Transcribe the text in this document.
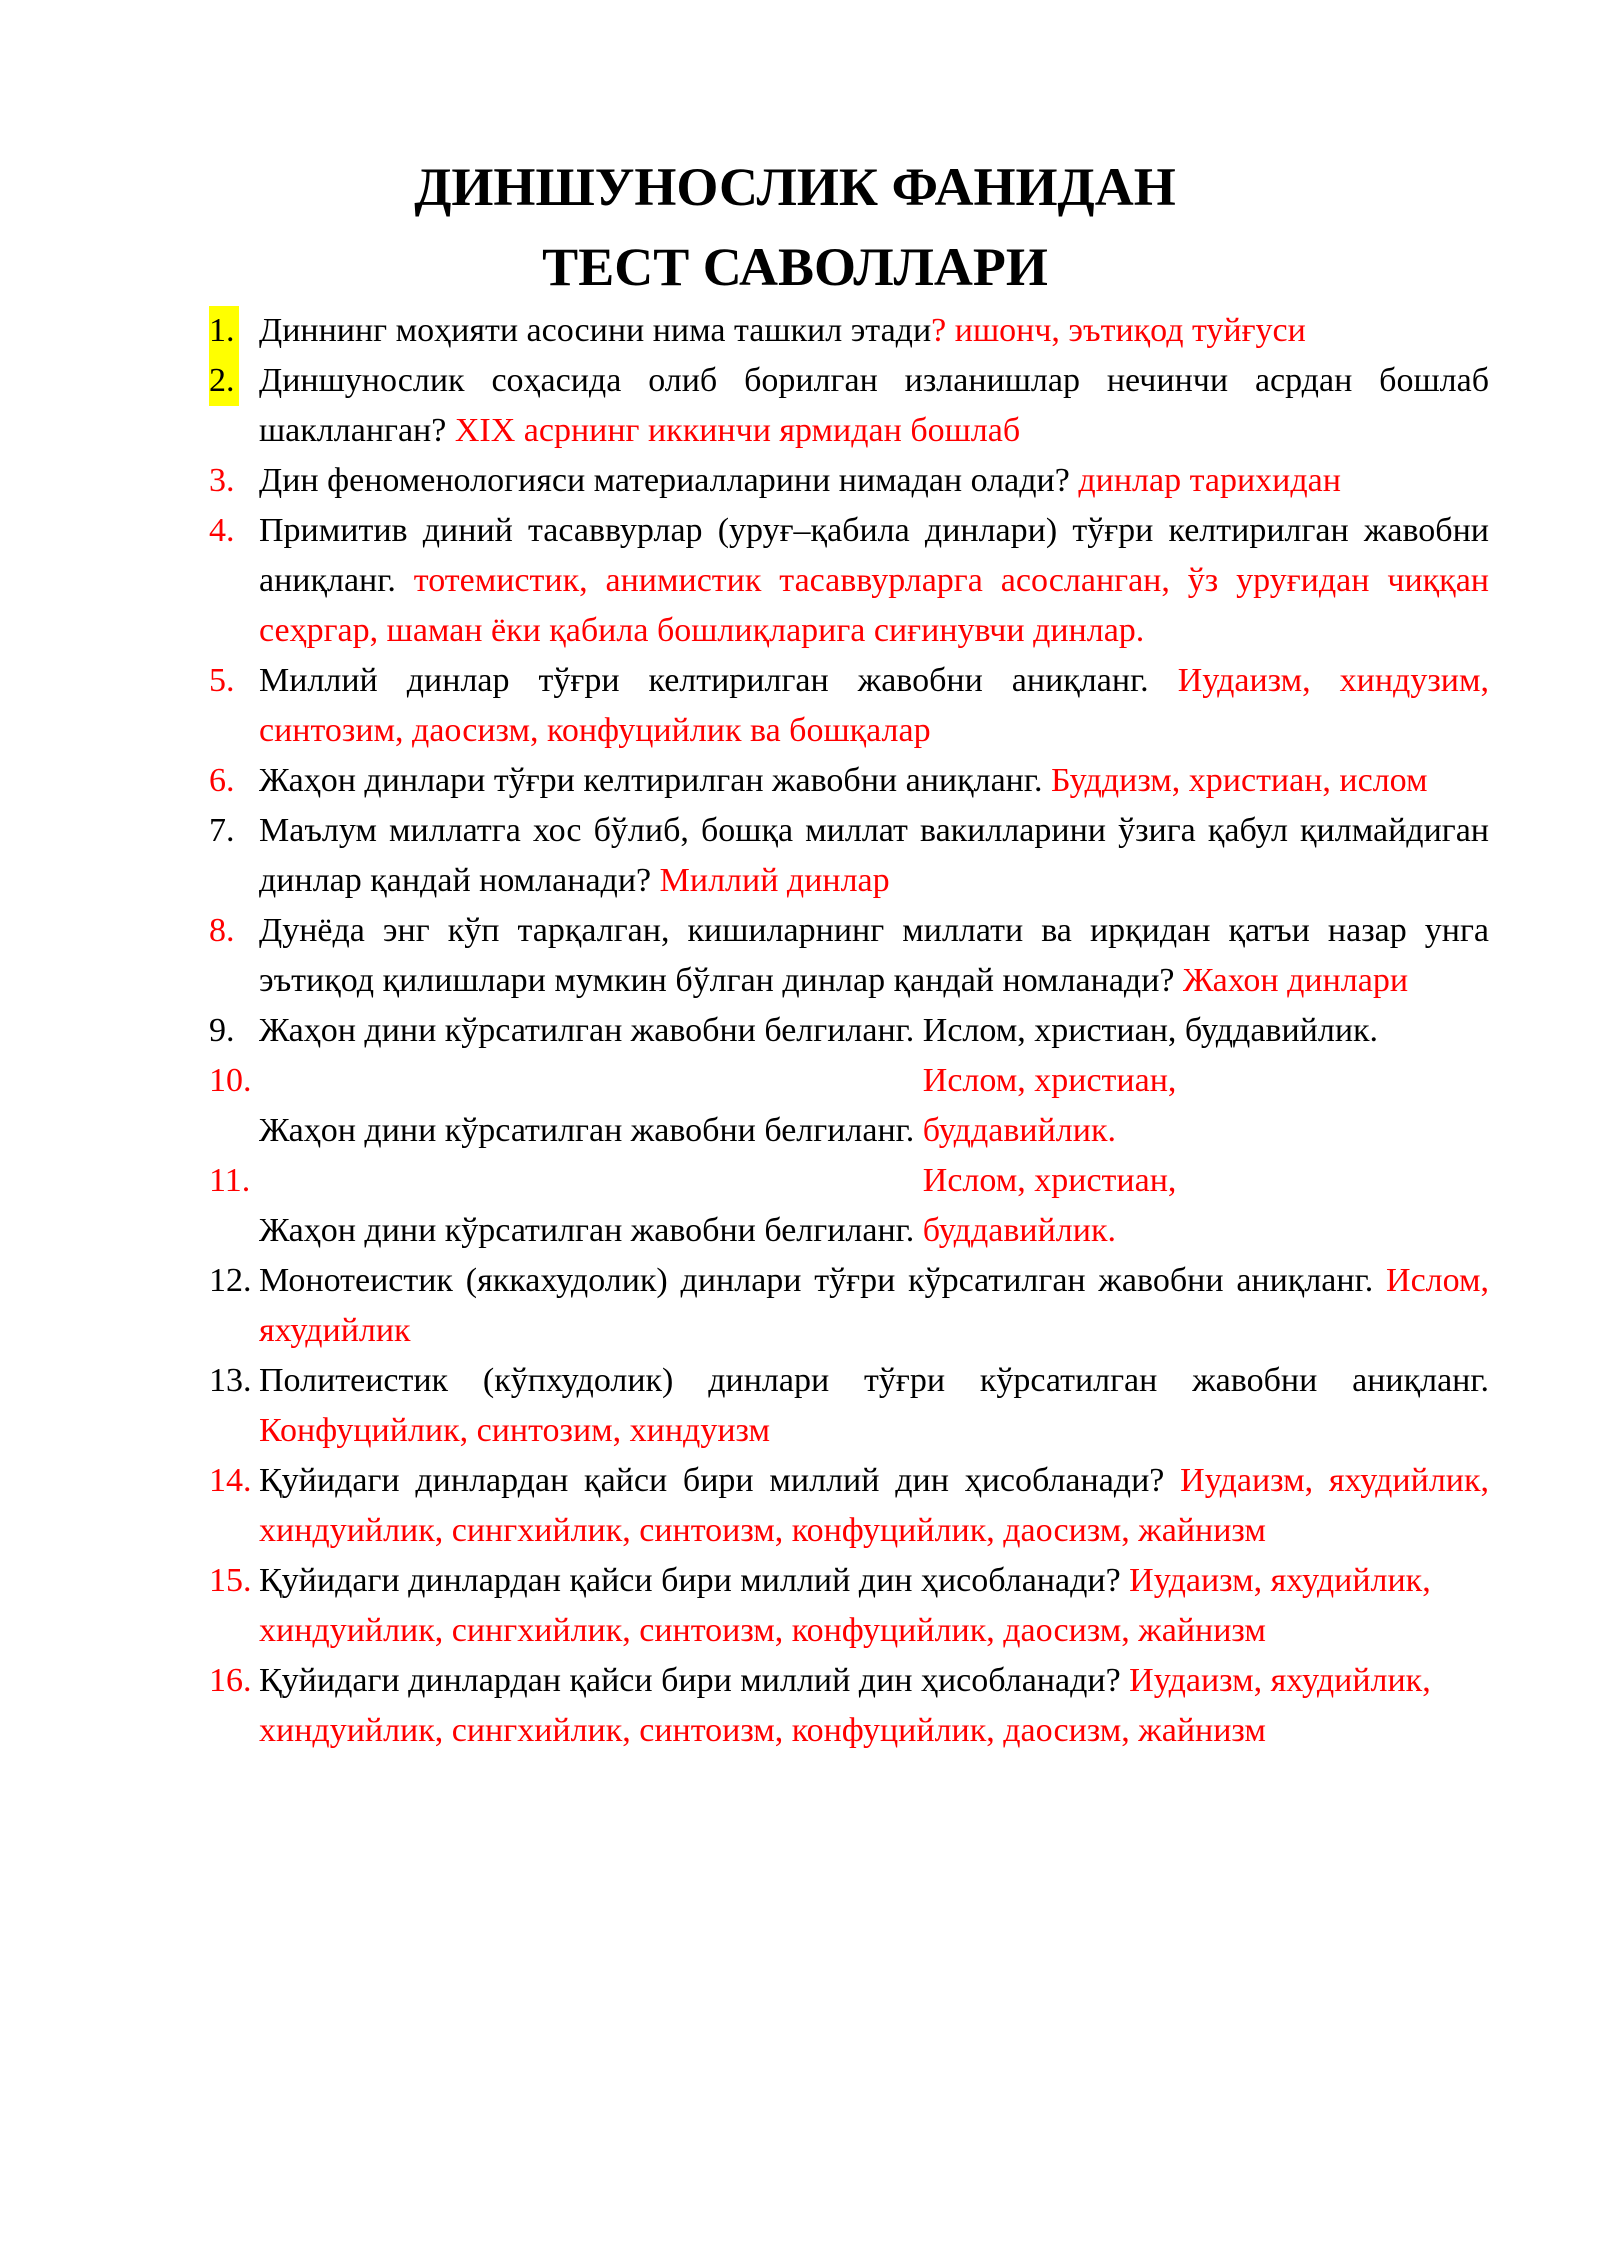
ДИНШУНОСЛИК ФАНИДАН
ТЕСТ САВОЛЛАРИ
1. Диннинг моҳияти асосини нима ташкил этади? ишонч, эътиқод туйғуси
2. Диншунослик соҳасида олиб борилган изланишлар нечинчи асрдан бошлаб шаклланган? XIX асрнинг иккинчи ярмидан бошлаб
3. Дин феноменологияси материалларини нимадан олади? динлар тарихидан
4. Примитив диний тасаввурлар (уруғ–қабила динлари) тўғри келтирилган жавобни аниқланг. тотемистик, анимистик тасаввурларга асосланган, ўз уруғидан чиққан сеҳргар, шаман ёки қабила бошлиқларига сиғинувчи динлар.
5. Миллий динлар тўғри келтирилган жавобни аниқланг. Иудаизм, хиндузим, синтозим, даосизм, конфуцийлик ва бошқалар
6. Жаҳон динлари тўғри келтирилган жавобни аниқланг. Буддизм, христиан, ислом
7. Маълум миллатга хос бўлиб, бошқа миллат вакилларини ўзига қабул қилмайдиган динлар қандай номланади? Миллий динлар
8. Дунёда энг кўп тарқалган, кишиларнинг миллати ва ирқидан қатъи назар унга эътиқод қилишлари мумкин бўлган динлар қандай номланади? Жахон динлари
9. Жаҳон дини кўрсатилган жавобни белгиланг. Ислом, христиан, буддавийлик.
10.
Жаҳон дини кўрсатилган жавобни белгиланг. Ислом, христиан, буддавийлик.
11.
Жаҳон дини кўрсатилган жавобни белгиланг. Ислом, христиан, буддавийлик.
12. Монотеистик (яккахудолик) динлари тўғри кўрсатилган жавобни аниқланг. Ислом, яхудийлик
13. Политеистик (кўпхудолик) динлари тўғри кўрсатилган жавобни аниқланг. Конфуцийлик, синтозим, хиндуизм
14. Қуйидаги динлардан қайси бири миллий дин ҳисобланади? Иудаизм, яхудийлик, хиндуийлик, сингхийлик, синтоизм, конфуцийлик, даосизм, жайнизм
15. Қуйидаги динлардан қайси бири миллий дин ҳисобланади? Иудаизм, яхудийлик, хиндуийлик, сингхийлик, синтоизм, конфуцийлик, даосизм, жайнизм
16. Қуйидаги динлардан қайси бири миллий дин ҳисобланади? Иудаизм, яхудийлик, хиндуийлик, сингхийлик, синтоизм, конфуцийлик, даосизм, жайнизм
